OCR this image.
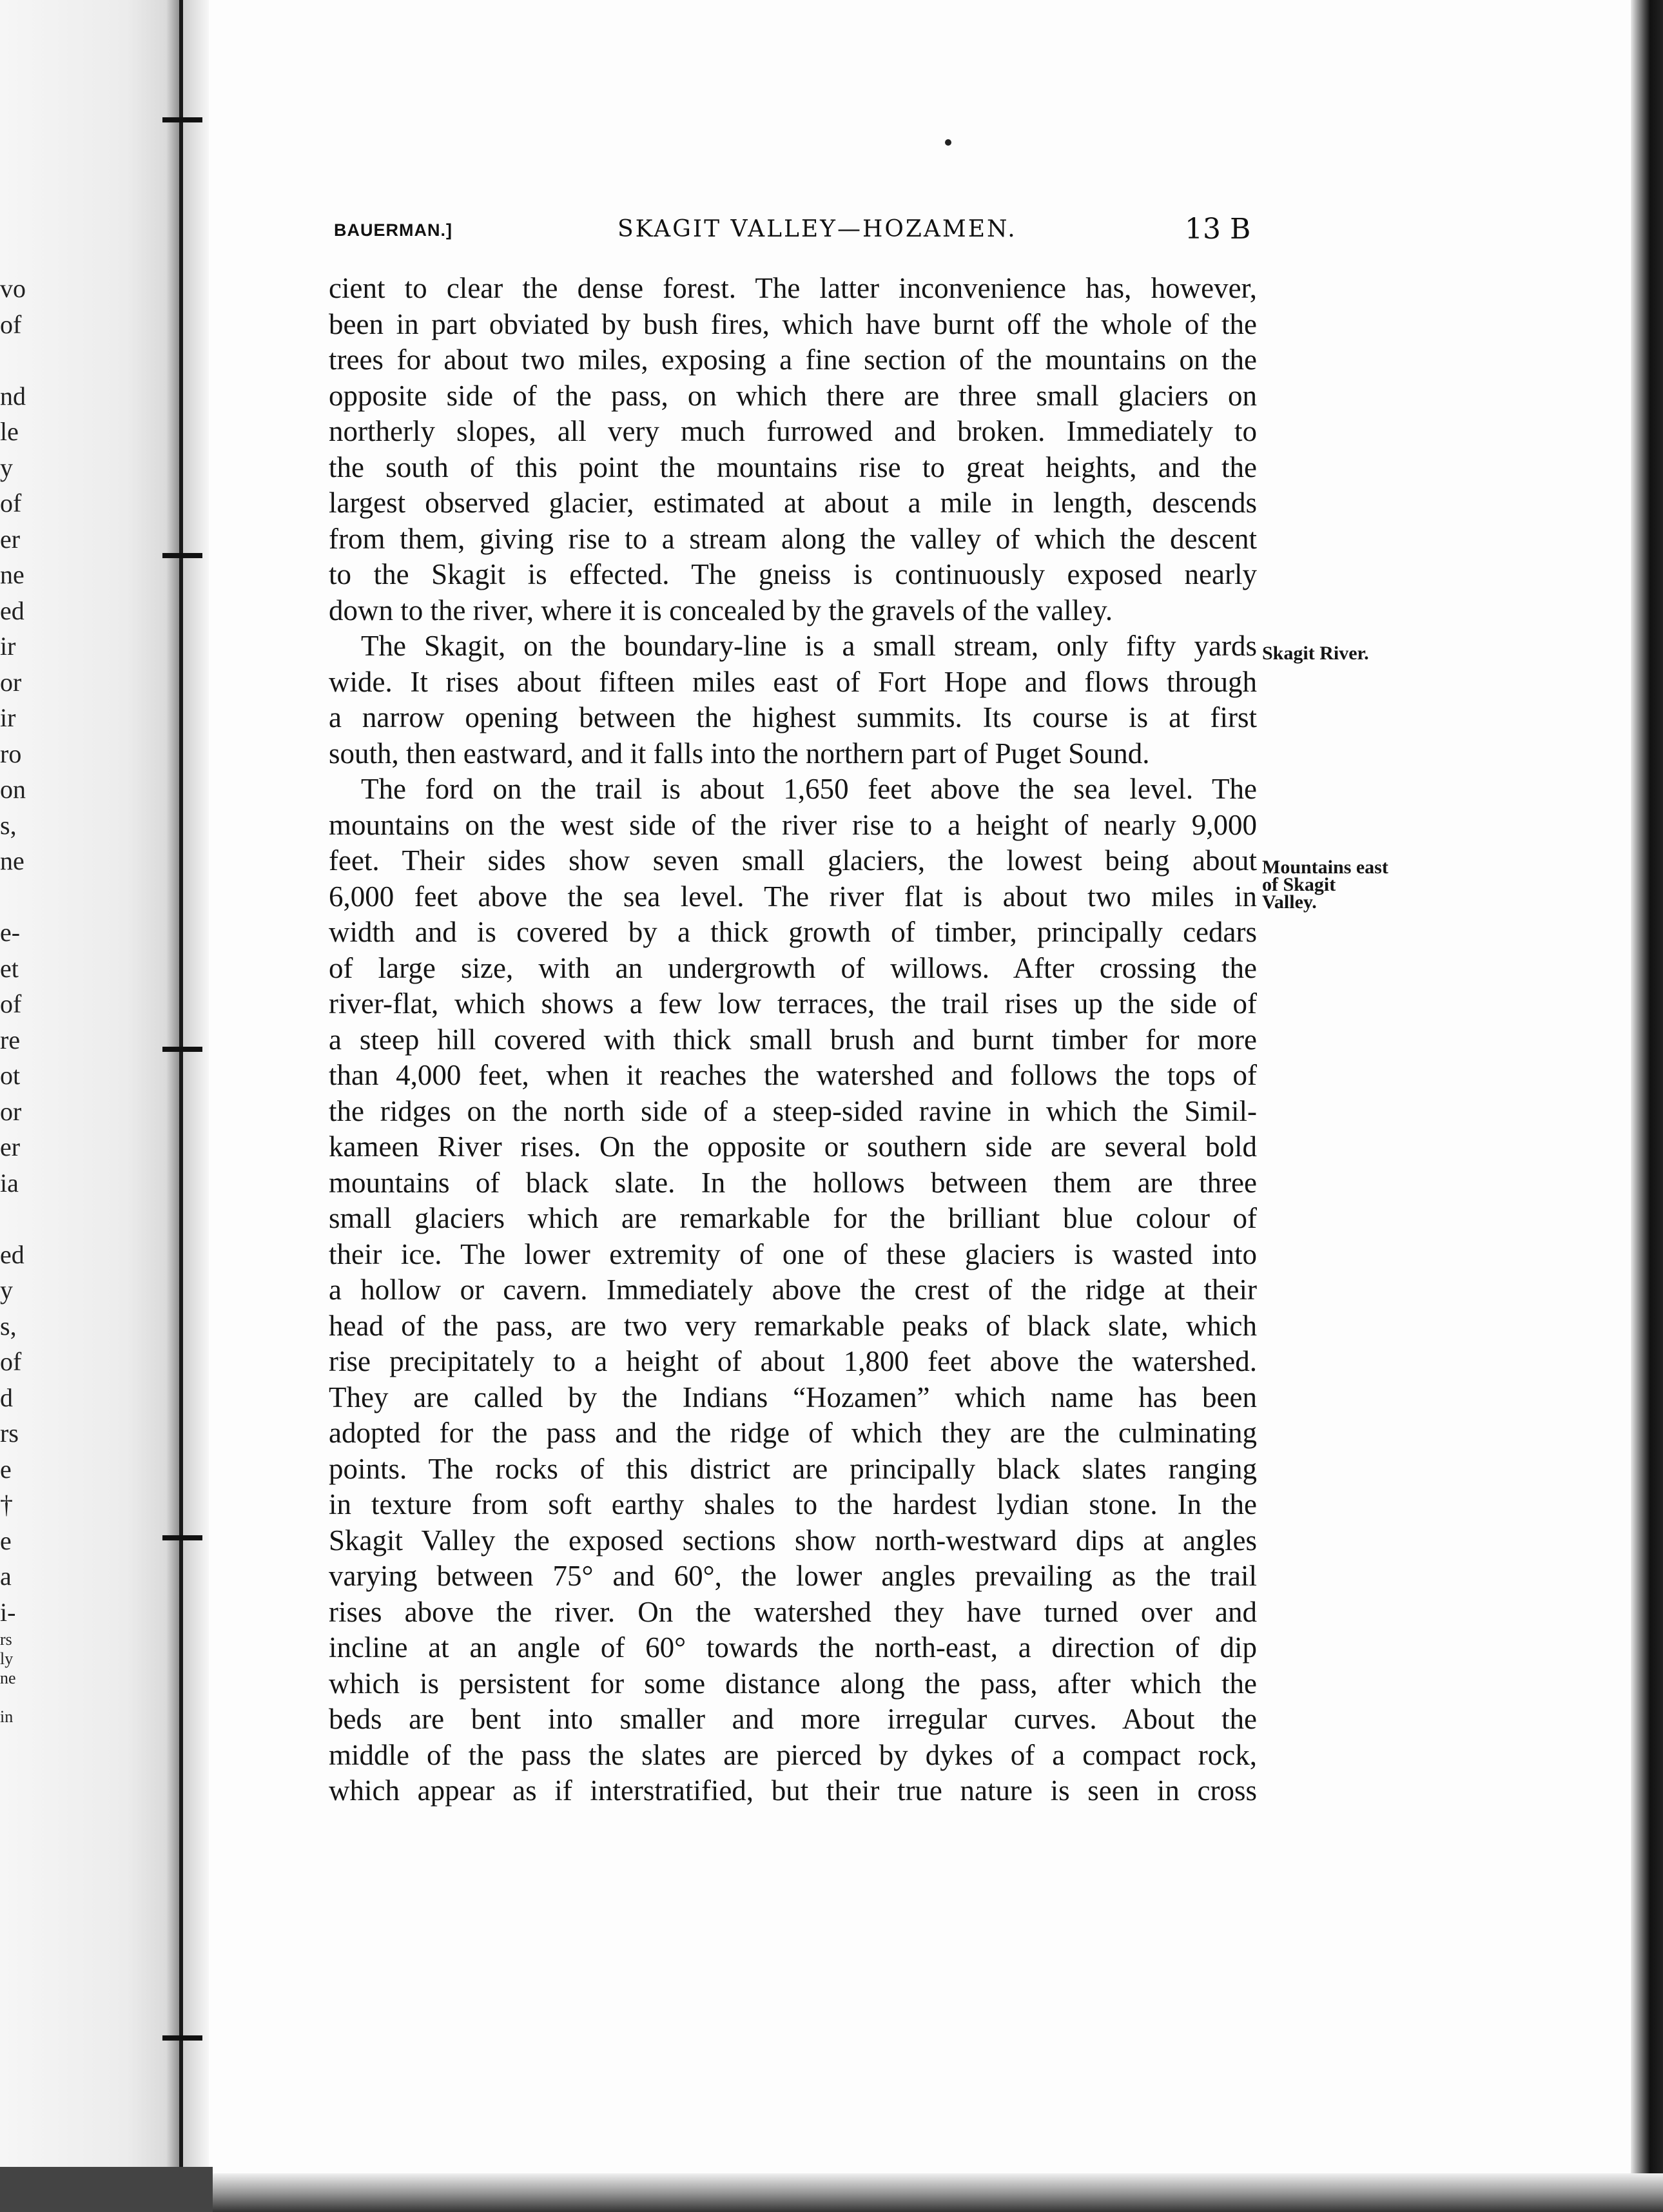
vo
of
nd
le
y
of
er
ne
ed
ir
or
ir
ro
on
s,
ne
e-
et
of
re
ot
or
er
ia
ed
y
s,
of
d
rs
e
†
e
a
i-
rs
ly
ne
in
BAUERMAN.]	SKAGIT VALLEY—HOZAMEN.	13 B
cient to clear the dense forest. The latter inconvenience has, however,
been in part obviated by bush fires, which have burnt off the whole of the
trees for about two miles, exposing a fine section of the mountains on the
opposite side of the pass, on which there are three small glaciers on
northerly slopes, all very much furrowed and broken. Immediately to
the south of this point the mountains rise to great heights, and the
largest observed glacier, estimated at about a mile in length, descends
from them, giving rise to a stream along the valley of which the descent
to the Skagit is effected. The gneiss is continuously exposed nearly
down to the river, where it is concealed by the gravels of the valley.
The Skagit, on the boundary-line is a small stream, only fifty yards
wide. It rises about fifteen miles east of Fort Hope and flows through
a narrow opening between the highest summits. Its course is at first
south, then eastward, and it falls into the northern part of Puget Sound.
The ford on the trail is about 1,650 feet above the sea level. The
mountains on the west side of the river rise to a height of nearly 9,000
feet. Their sides show seven small glaciers, the lowest being about
6,000 feet above the sea level. The river flat is about two miles in
width and is covered by a thick growth of timber, principally cedars
of large size, with an undergrowth of willows. After crossing the
river-flat, which shows a few low terraces, the trail rises up the side of
a steep hill covered with thick small brush and burnt timber for more
than 4,000 feet, when it reaches the watershed and follows the tops of
the ridges on the north side of a steep-sided ravine in which the Simil-
kameen River rises. On the opposite or southern side are several bold
mountains of black slate. In the hollows between them are three
small glaciers which are remarkable for the brilliant blue colour of
their ice. The lower extremity of one of these glaciers is wasted into
a hollow or cavern. Immediately above the crest of the ridge at their
head of the pass, are two very remarkable peaks of black slate, which
rise precipitately to a height of about 1,800 feet above the watershed.
They are called by the Indians “Hozamen” which name has been
adopted for the pass and the ridge of which they are the culminating
points. The rocks of this district are principally black slates ranging
in texture from soft earthy shales to the hardest lydian stone. In the
Skagit Valley the exposed sections show north-westward dips at angles
varying between 75° and 60°, the lower angles prevailing as the trail
rises above the river. On the watershed they have turned over and
incline at an angle of 60° towards the north-east, a direction of dip
which is persistent for some distance along the pass, after which the
beds are bent into smaller and more irregular curves. About the
middle of the pass the slates are pierced by dykes of a compact rock,
which appear as if interstratified, but their true nature is seen in cross
Skagit River.
Mountains east
of Skagit
Valley.
